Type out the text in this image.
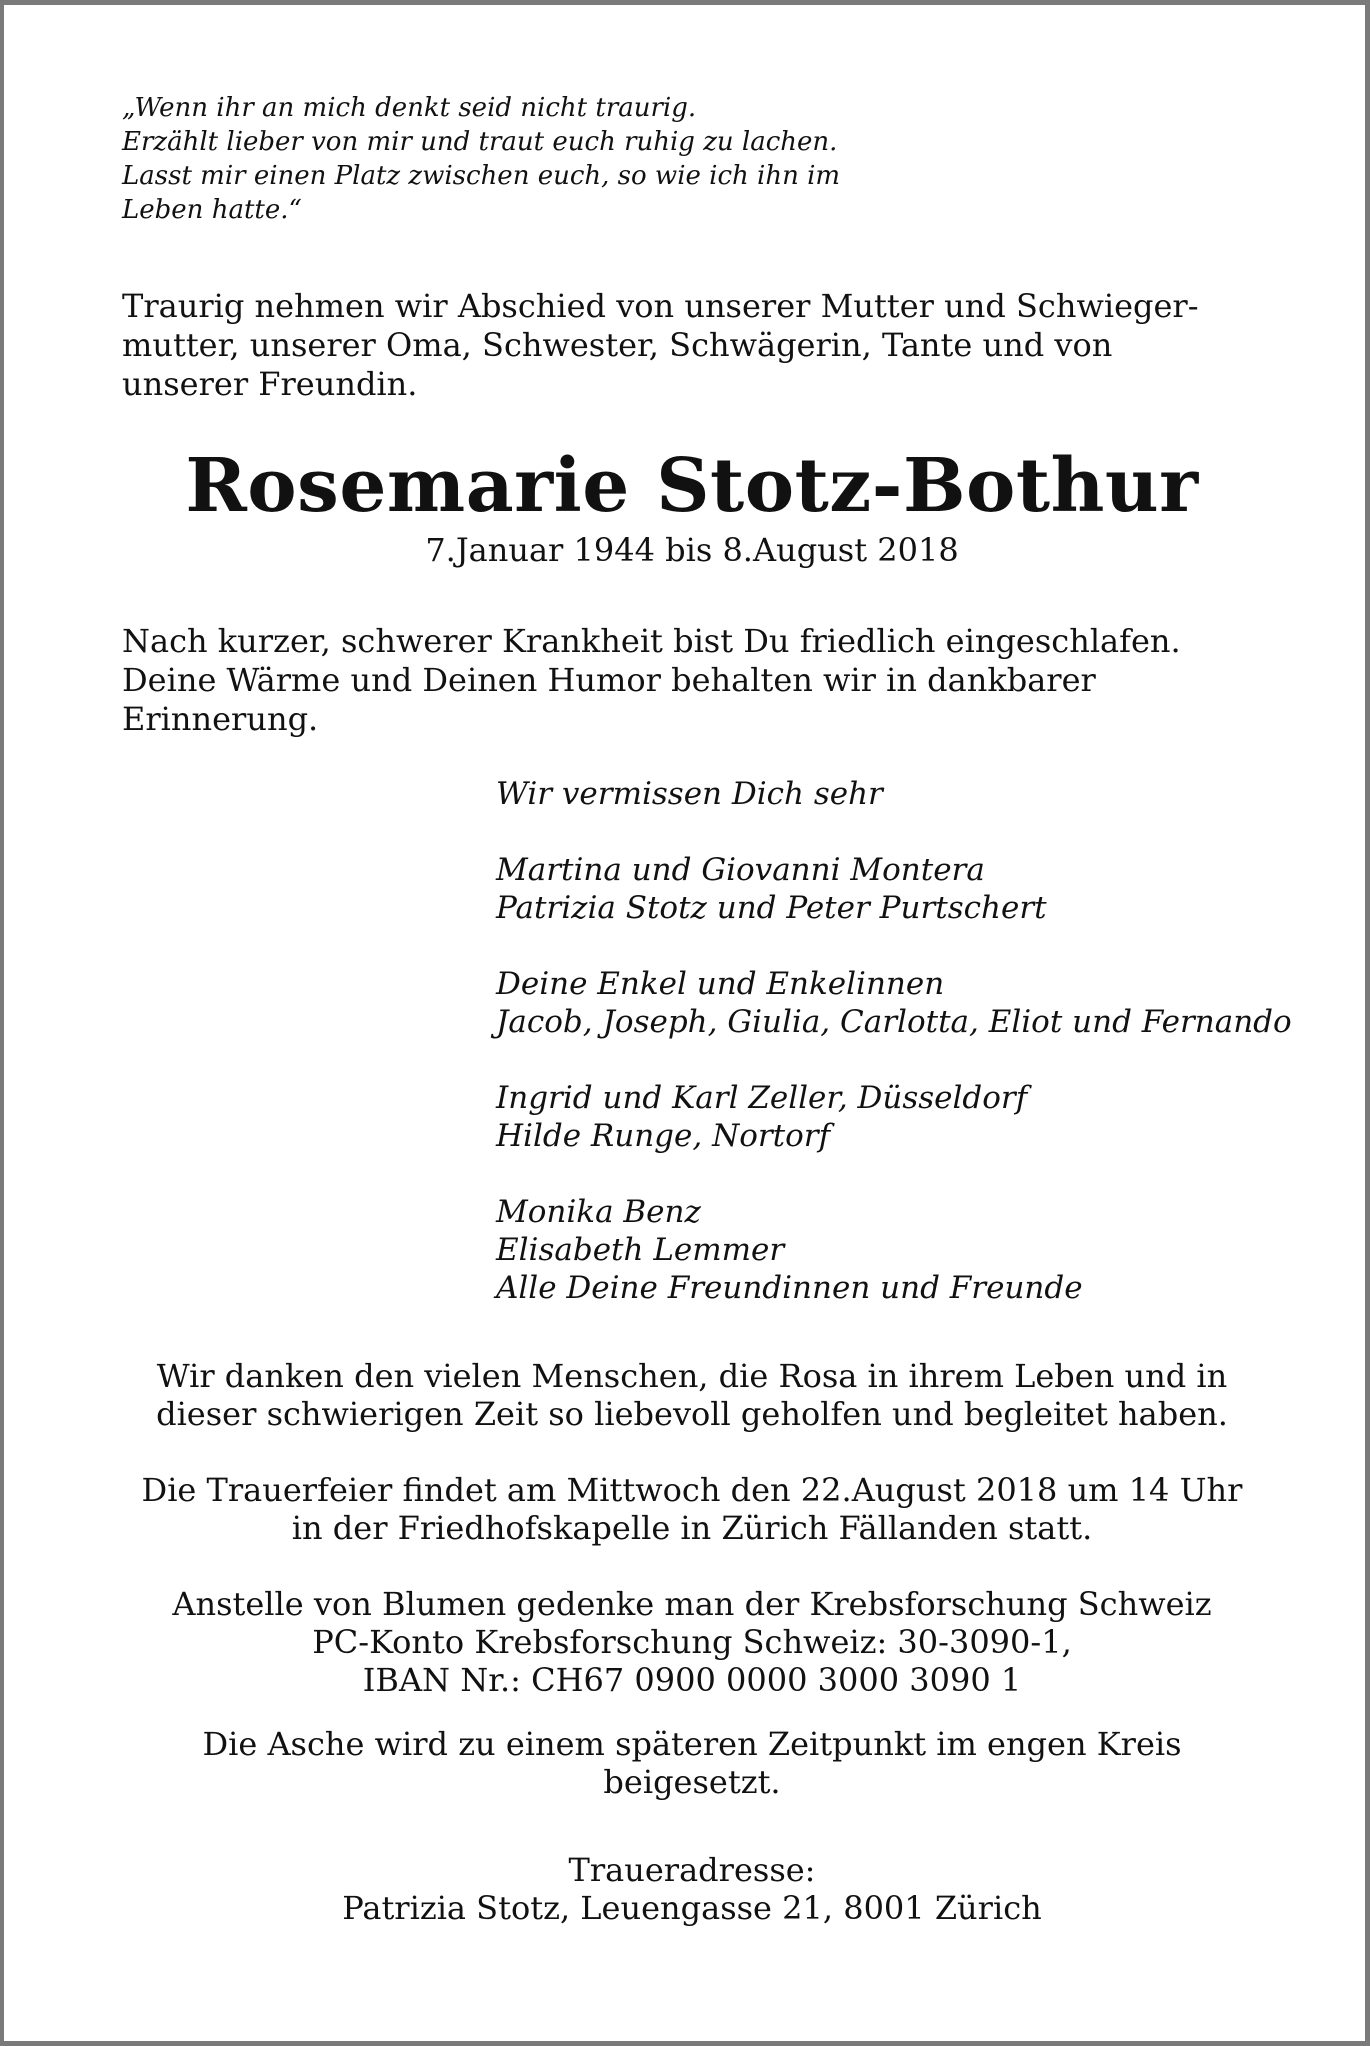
„Wenn ihr an mich denkt seid nicht traurig.

Erzählt lieber von mir und traut euch ruhig zu lachen.

Lasst mir einen Platz zwischen euch, so wie ich ihn im

Leben hatte.“

Traurig nehmen wir Abschied von unserer Mutter und Schwieger-

mutter, unserer Oma, Schwester, Schwägerin, Tante und von

unserer Freundin.

Rosemarie Stotz-Bothur
7.Januar 1944 bis 8.August 2018

Nach kurzer, schwerer Krankheit bist Du friedlich eingeschlafen.

Deine Wärme und Deinen Humor behalten wir in dankbarer

Erinnerung.

Wir vermissen Dich sehr

Martina und Giovanni Montera

Patrizia Stotz und Peter Purtschert

Deine Enkel und Enkelinnen

Jacob, Joseph, Giulia, Carlotta, Eliot und Fernando

Ingrid und Karl Zeller, Düsseldorf

Hilde Runge, Nortorf

Monika Benz

Elisabeth Lemmer

Alle Deine Freundinnen und Freunde

Wir danken den vielen Menschen, die Rosa in ihrem Leben und in

dieser schwierigen Zeit so liebevoll geholfen und begleitet haben.

Die Trauerfeier findet am Mittwoch den 22.August 2018 um 14 Uhr

in der Friedhofskapelle in Zürich Fällanden statt.

Anstelle von Blumen gedenke man der Krebsforschung Schweiz

PC-Konto Krebsforschung Schweiz: 30-3090-1,

IBAN Nr.: CH67 0900 0000 3000 3090 1

Die Asche wird zu einem späteren Zeitpunkt im engen Kreis

beigesetzt.

Traueradresse:

Patrizia Stotz, Leuengasse 21, 8001 Zürich
